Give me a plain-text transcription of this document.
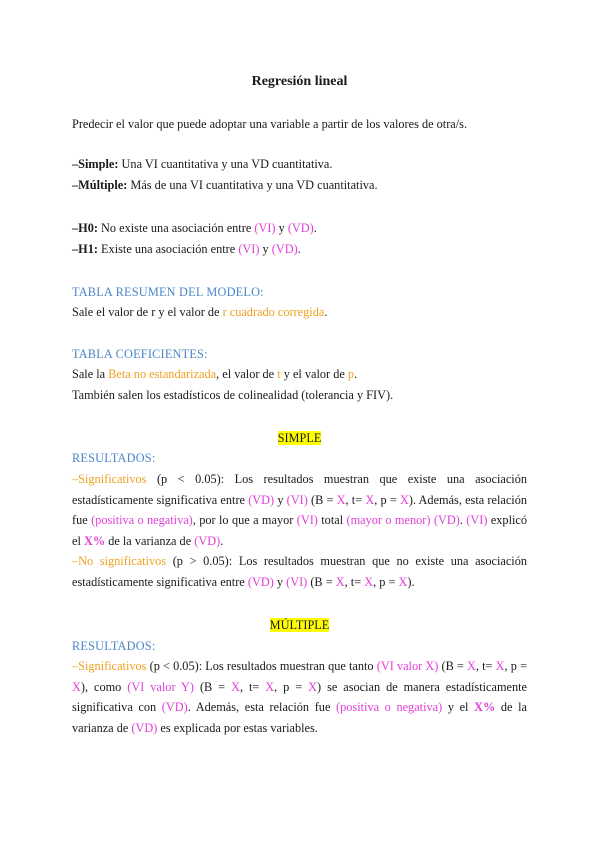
Regresión lineal

Predecir el valor que puede adoptar una variable a partir de los valores de otra/s.

–Simple: Una VI cuantitativa y una VD cuantitativa.

–Múltiple: Más de una VI cuantitativa y una VD cuantitativa.

–H0: No existe una asociación entre (VI) y (VD).

–H1: Existe una asociación entre (VI) y (VD).

TABLA RESUMEN DEL MODELO:

Sale el valor de r y el valor de r cuadrado corregida.

TABLA COEFICIENTES:

Sale la Beta no estandarizada, el valor de t y el valor de p.

También salen los estadísticos de colinealidad (tolerancia y FIV).

SIMPLE

RESULTADOS:

–Significativos (p < 0.05): Los resultados muestran que existe una asociación estadísticamente significativa entre (VD) y (VI) (B = X, t= X, p = X). Además, esta relación fue (positiva o negativa), por lo que a mayor (VI) total (mayor o menor) (VD). (VI) explicó el X% de la varianza de (VD).

–No significativos (p > 0.05): Los resultados muestran que no existe una asociación estadísticamente significativa entre (VD) y (VI) (B = X, t= X, p = X).

MÚLTIPLE

RESULTADOS:

–Significativos (p < 0.05): Los resultados muestran que tanto (VI valor X) (B = X, t= X, p = X), como (VI valor Y) (B = X, t= X, p = X) se asocian de manera estadísticamente significativa con (VD). Además, esta relación fue (positiva o negativa) y el X% de la varianza de (VD) es explicada por estas variables.
